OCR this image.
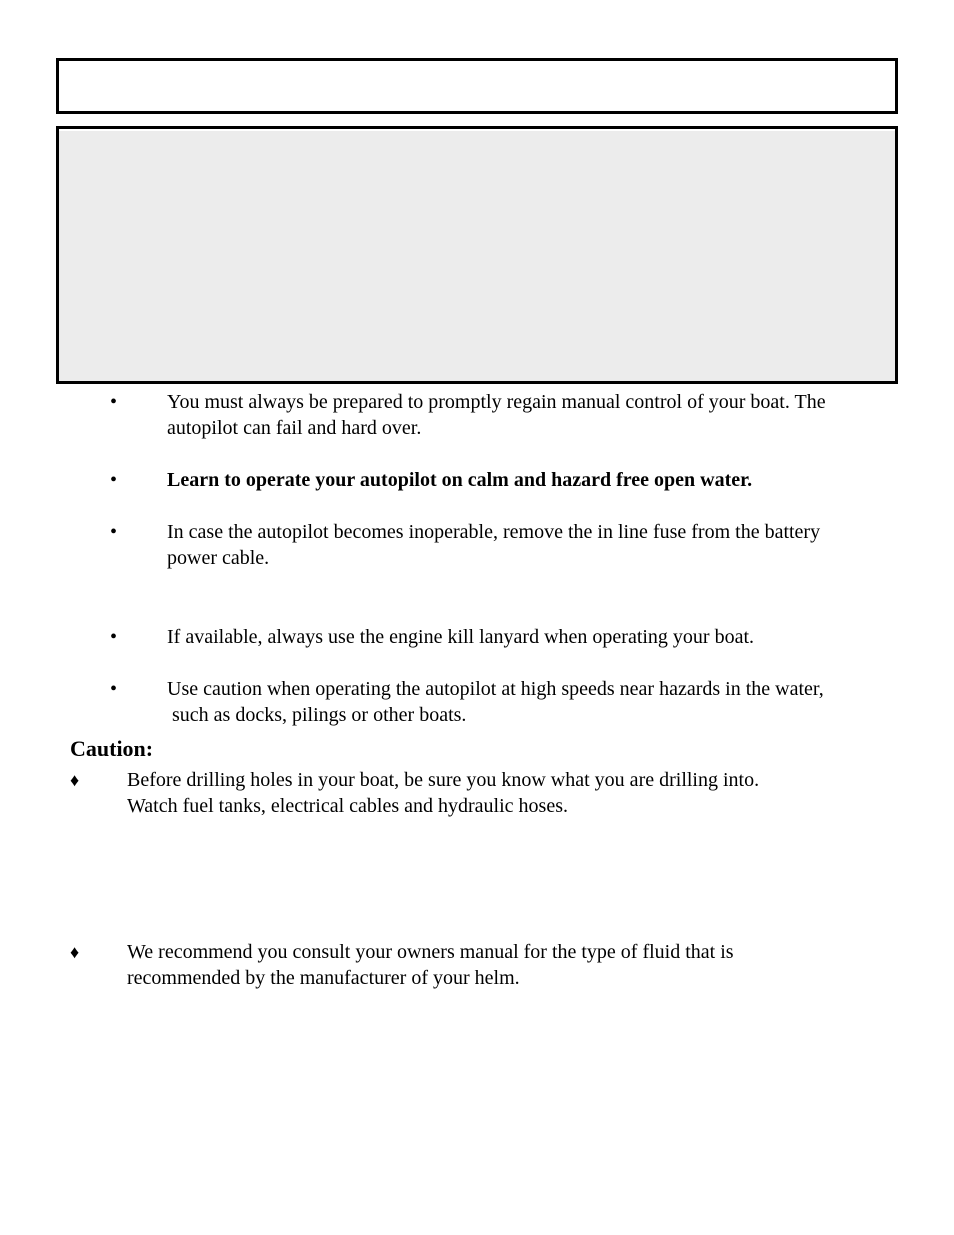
• You must always be prepared to promptly regain manual control of your boat. The
autopilot can fail and hard over.
• Learn to operate your autopilot on calm and hazard free open water.
• In case the autopilot becomes inoperable, remove the in line fuse from the battery
power cable.
• If available, always use the engine kill lanyard when operating your boat.
• Use caution when operating the autopilot at high speeds near hazards in the water,
such as docks, pilings or other boats.
Caution:
♦ Before drilling holes in your boat, be sure you know what you are drilling into.
Watch fuel tanks, electrical cables and hydraulic hoses.
♦ We recommend you consult your owners manual for the type of fluid that is
recommended by the manufacturer of your helm.
